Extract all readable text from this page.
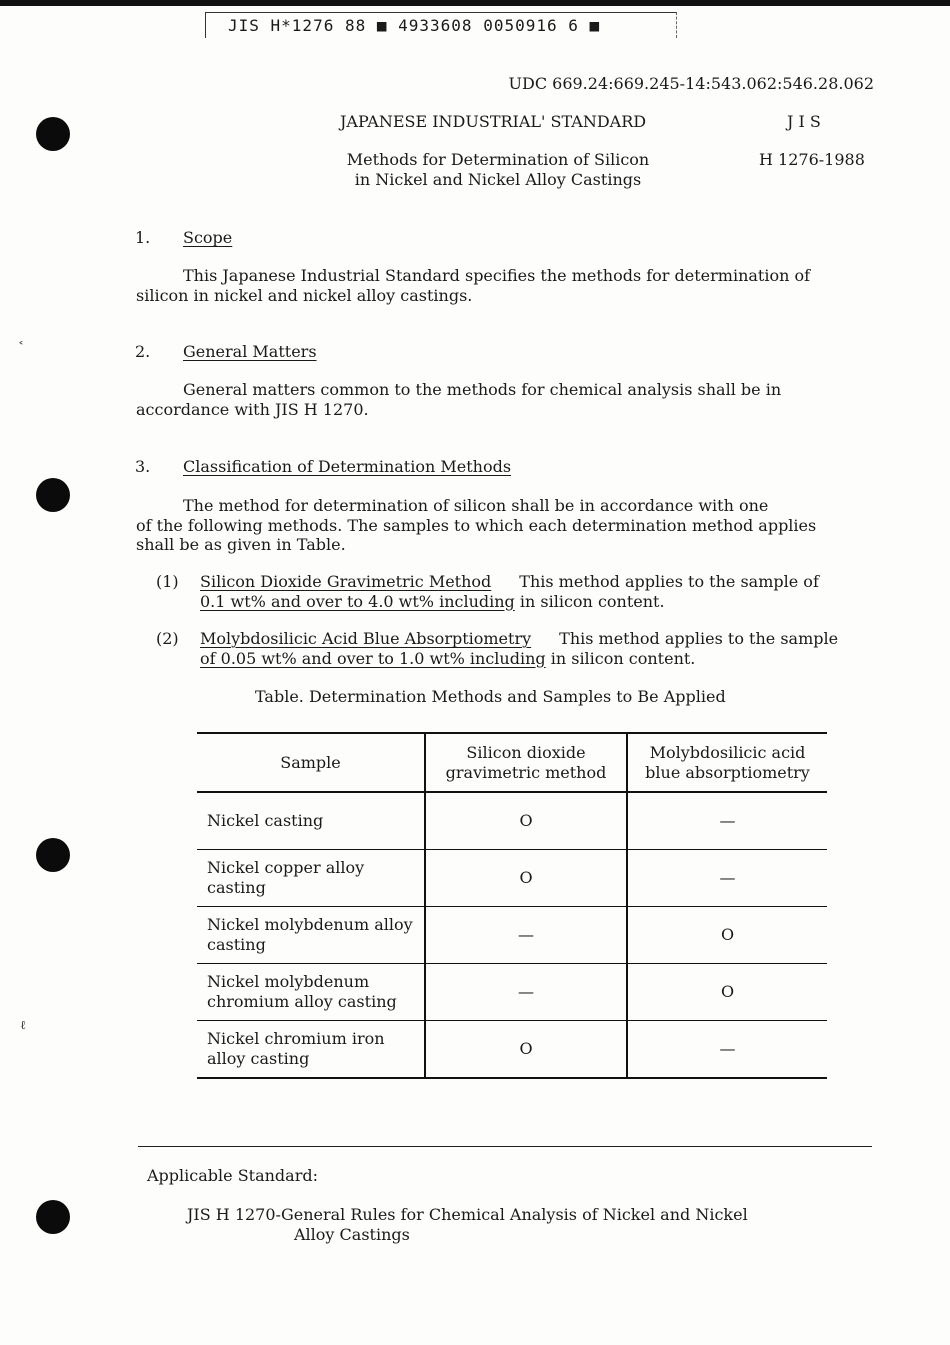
JIS H*1276 88 ■ 4933608 0050916 6 ■
˂
ℓ
UDC 669.24:669.245-14:543.062:546.28.062
JAPANESE INDUSTRIAL' STANDARD	J I S
Methods for Determination of Silicon
in Nickel and Nickel Alloy Castings
H 1276-1988
1. Scope
This Japanese Industrial Standard specifies the methods for determination of
silicon in nickel and nickel alloy castings.
2. General Matters
General matters common to the methods for chemical analysis shall be in
accordance with JIS H 1270.
3. Classification of Determination Methods
The method for determination of silicon shall be in accordance with one
of the following methods. The samples to which each determination method applies
shall be as given in Table.
(1) Silicon Dioxide Gravimetric Method This method applies to the sample of
0.1 wt% and over to 4.0 wt% including in silicon content.
(2) Molybdosilicic Acid Blue Absorptiometry This method applies to the sample
of 0.05 wt% and over to 1.0 wt% including in silicon content.
Table. Determination Methods and Samples to Be Applied
Sample	Silicon dioxide gravimetric method	Molybdosilicic acid blue absorptiometry
Nickel casting	O	—
Nickel copper alloy casting	O	—
Nickel molybdenum alloy casting	—	O
Nickel molybdenum chromium alloy casting	—	O
Nickel chromium iron alloy casting	O	—
Applicable Standard:
JIS H 1270-General Rules for Chemical Analysis of Nickel and Nickel
Alloy Castings
